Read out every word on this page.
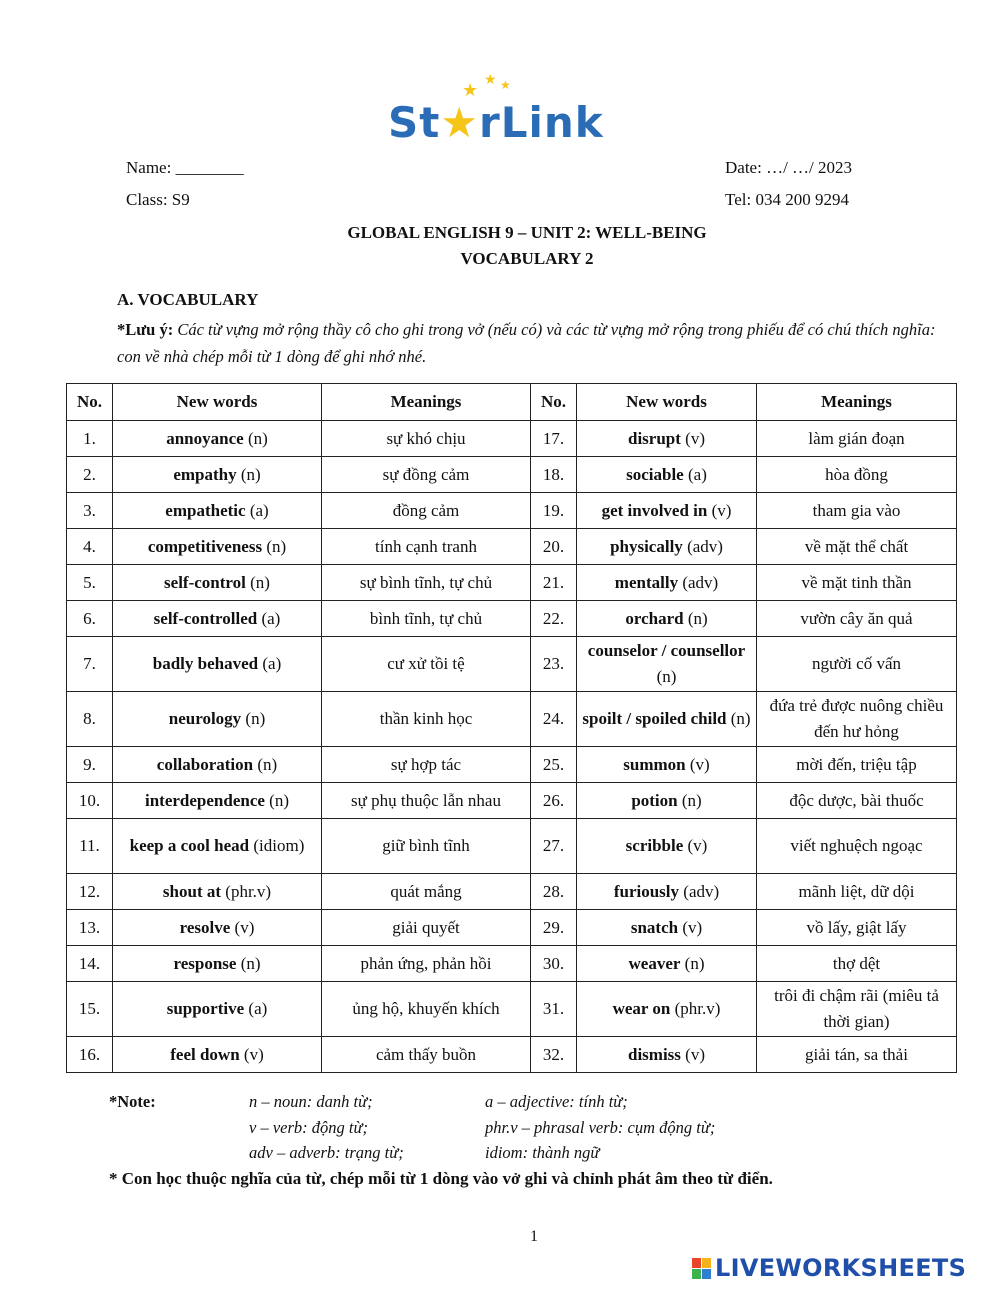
★ ★ ★
St★rLink
Name: ________	Date: …/ …/ 2023
Class: S9	Tel: 034 200 9294
GLOBAL ENGLISH 9 – UNIT 2: WELL-BEING
VOCABULARY 2
A. VOCABULARY
*Lưu ý: Các từ vựng mở rộng thầy cô cho ghi trong vở (nếu có) và các từ vựng mở rộng trong phiếu để có chú thích nghĩa: con về nhà chép mỗi từ 1 dòng để ghi nhớ nhé.
No.	New words	Meanings	No.	New words	Meanings
1.	annoyance (n)	sự khó chịu	17.	disrupt (v)	làm gián đoạn
2.	empathy (n)	sự đồng cảm	18.	sociable (a)	hòa đồng
3.	empathetic (a)	đồng cảm	19.	get involved in (v)	tham gia vào
4.	competitiveness (n)	tính cạnh tranh	20.	physically (adv)	về mặt thể chất
5.	self-control (n)	sự bình tĩnh, tự chủ	21.	mentally (adv)	về mặt tinh thần
6.	self-controlled (a)	bình tĩnh, tự chủ	22.	orchard (n)	vườn cây ăn quả
7.	badly behaved (a)	cư xử tồi tệ	23.	counselor / counsellor (n)	người cố vấn
8.	neurology (n)	thần kinh học	24.	spoilt / spoiled child (n)	đứa trẻ được nuông chiều đến hư hỏng
9.	collaboration (n)	sự hợp tác	25.	summon (v)	mời đến, triệu tập
10.	interdependence (n)	sự phụ thuộc lẫn nhau	26.	potion (n)	độc dược, bài thuốc
11.	keep a cool head (idiom)	giữ bình tĩnh	27.	scribble (v)	viết nghuệch ngoạc
12.	shout at (phr.v)	quát mắng	28.	furiously (adv)	mãnh liệt, dữ dội
13.	resolve (v)	giải quyết	29.	snatch (v)	vồ lấy, giật lấy
14.	response (n)	phản ứng, phản hồi	30.	weaver (n)	thợ dệt
15.	supportive (a)	ủng hộ, khuyến khích	31.	wear on (phr.v)	trôi đi chậm rãi (miêu tả thời gian)
16.	feel down (v)	cảm thấy buồn	32.	dismiss (v)	giải tán, sa thải
*Note:	n – noun: danh từ;	a – adjective: tính từ;
v – verb: động từ;	phr.v – phrasal verb: cụm động từ;
adv – adverb: trạng từ;	idiom: thành ngữ
* Con học thuộc nghĩa của từ, chép mỗi từ 1 dòng vào vở ghi và chỉnh phát âm theo từ điển.
1
LIVEWORKSHEETS
